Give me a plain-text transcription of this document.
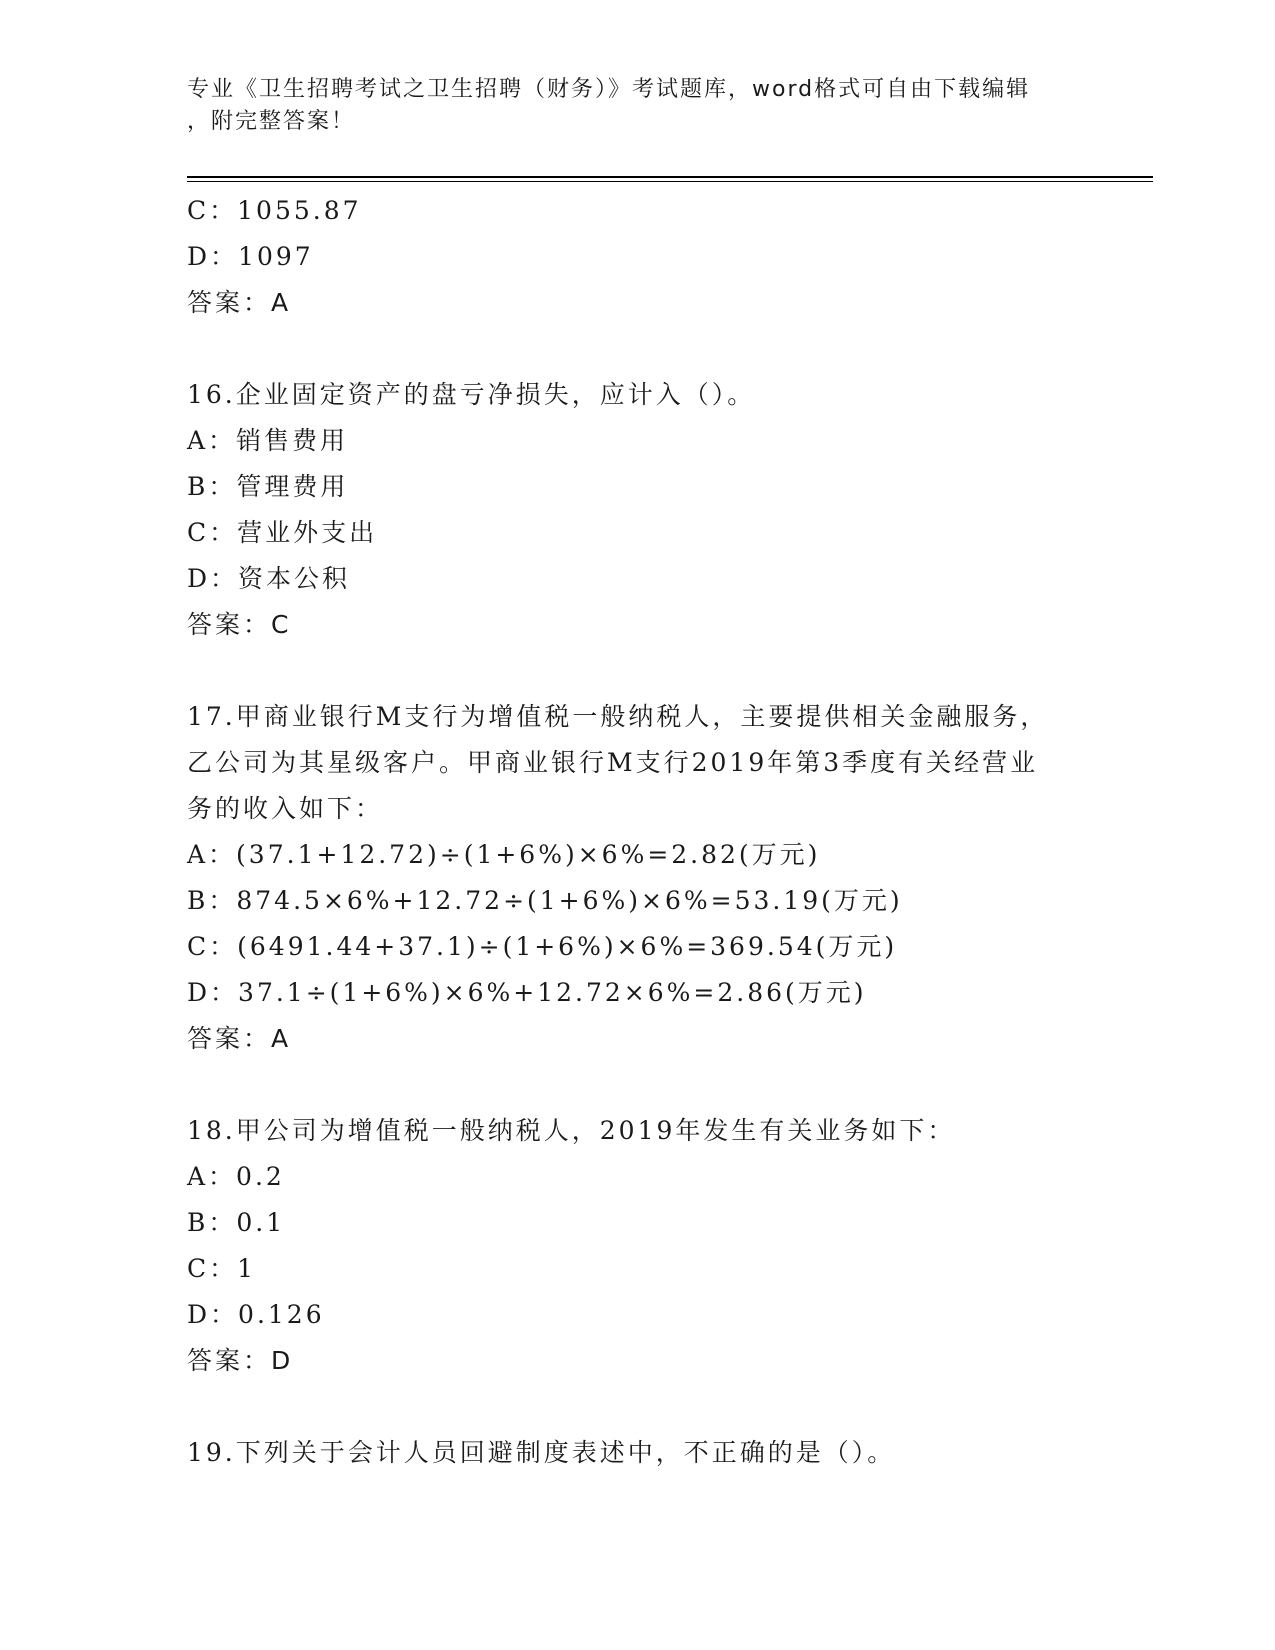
专业《卫生招聘考试之卫生招聘（财务）》考试题库，word格式可自由下载编辑
，附完整答案！
C：1055.87
D：1097
答案：A
16.企业固定资产的盘亏净损失，应计入（）。
A：销售费用
B：管理费用
C：营业外支出
D：资本公积
答案：C
17.甲商业银行M支行为增值税一般纳税人，主要提供相关金融服务，
乙公司为其星级客户。甲商业银行M支行2019年第3季度有关经营业
务的收入如下：
A：(37.1+12.72)÷(1+6%)×6%=2.82(万元)
B：874.5×6%+12.72÷(1+6%)×6%=53.19(万元)
C：(6491.44+37.1)÷(1+6%)×6%=369.54(万元)
D：37.1÷(1+6%)×6%+12.72×6%=2.86(万元)
答案：A
18.甲公司为增值税一般纳税人，2019年发生有关业务如下：
A：0.2
B：0.1
C：1
D：0.126
答案：D
19.下列关于会计人员回避制度表述中，不正确的是（）。
